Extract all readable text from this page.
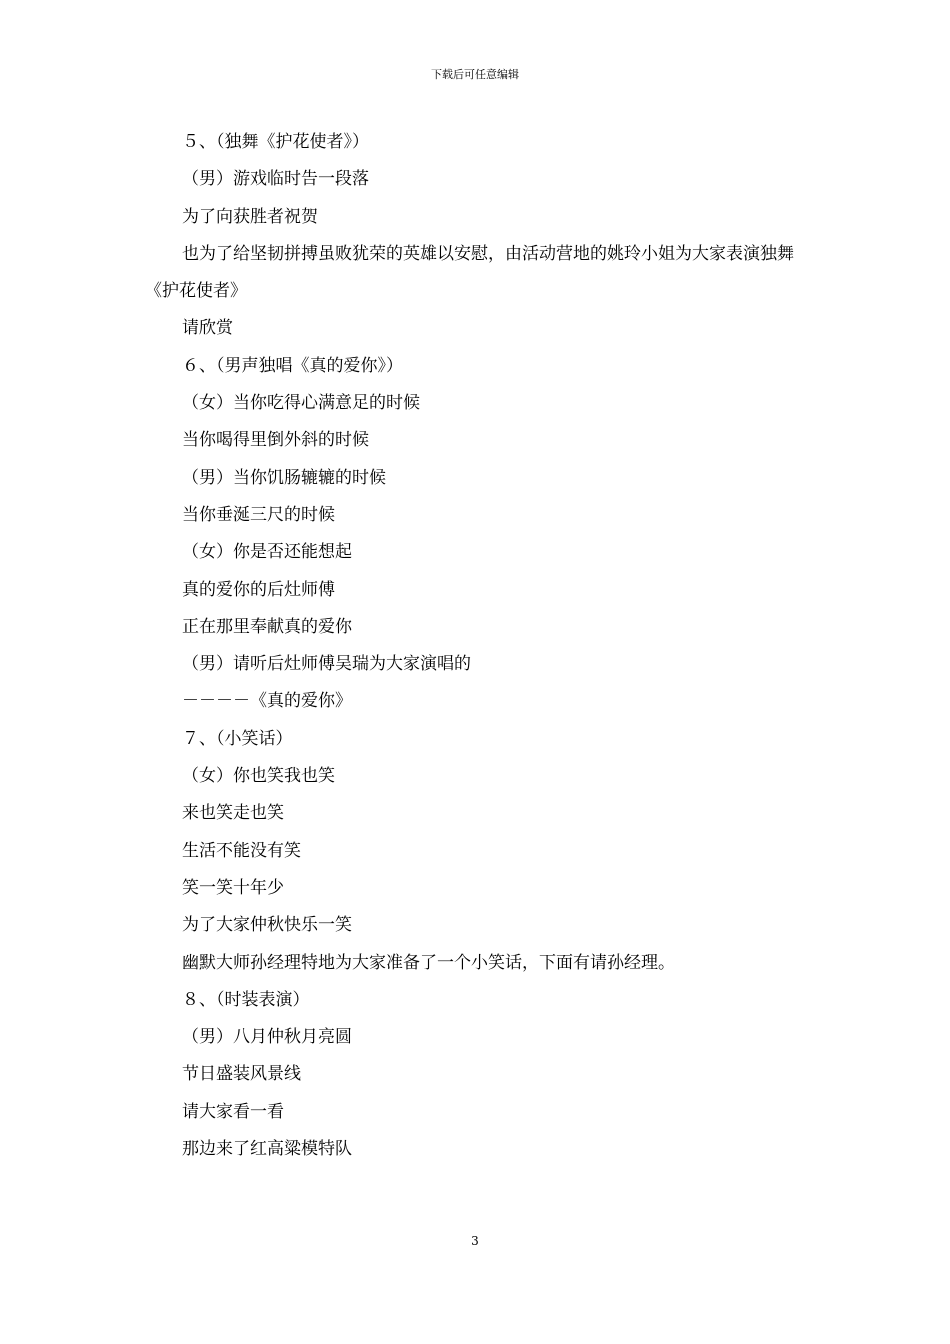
下载后可任意编辑
５、（独舞《护花使者》）
（男）游戏临时告一段落
为了向获胜者祝贺
也为了给坚韧拼搏虽败犹荣的英雄以安慰，由活动营地的姚玲小姐为大家表演独舞《护花使者》
请欣赏
６、（男声独唱《真的爱你》）
（女）当你吃得心满意足的时候
当你喝得里倒外斜的时候
（男）当你饥肠辘辘的时候
当你垂涎三尺的时候
（女）你是否还能想起
真的爱你的后灶师傅
正在那里奉献真的爱你
（男）请听后灶师傅吴瑞为大家演唱的
－－－－《真的爱你》
７、（小笑话）
（女）你也笑我也笑
来也笑走也笑
生活不能没有笑
笑一笑十年少
为了大家仲秋快乐一笑
幽默大师孙经理特地为大家准备了一个小笑话，下面有请孙经理。
８、（时装表演）
（男）八月仲秋月亮圆
节日盛装风景线
请大家看一看
那边来了红高粱模特队
3
